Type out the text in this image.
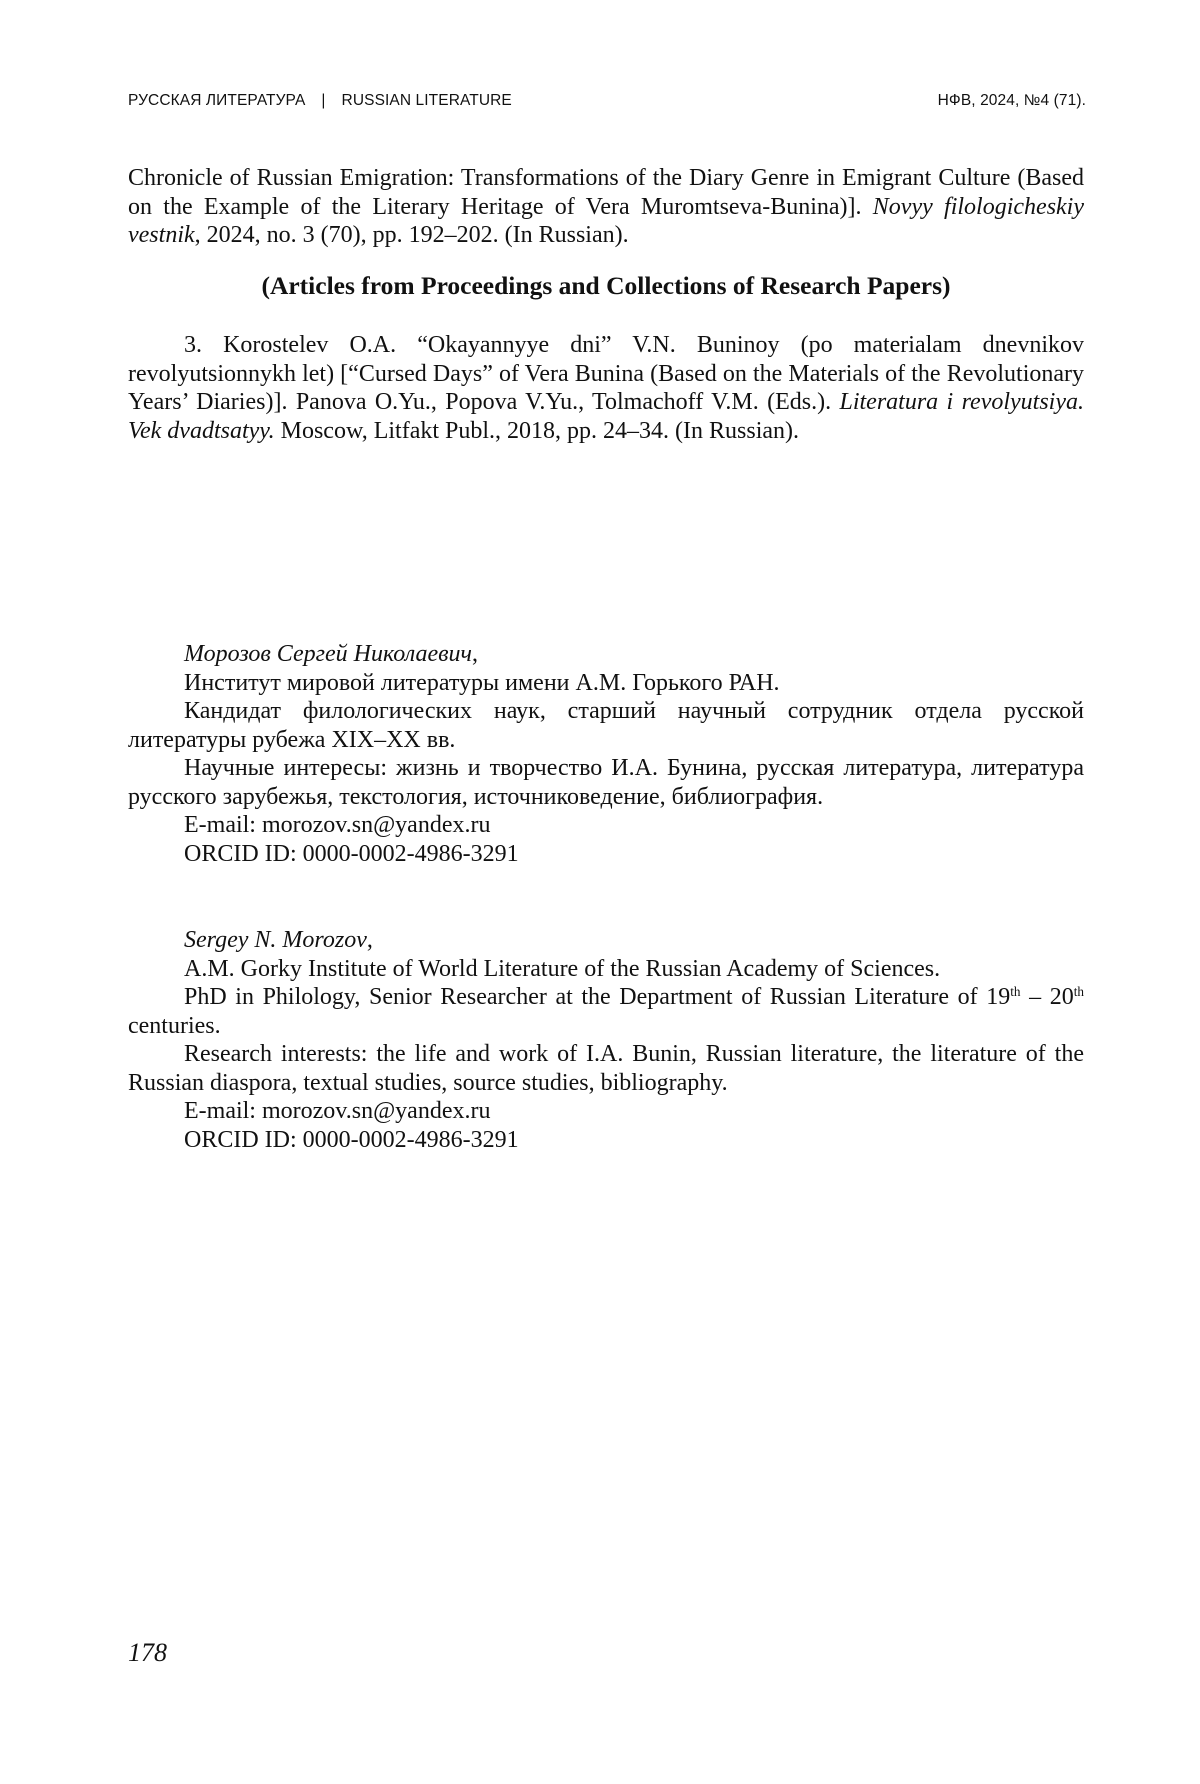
РУССКАЯ ЛИТЕРАТУРА | RUSSIAN LITERATURE	НФВ, 2024, №4 (71).

Chronicle of Russian Emigration: Transformations of the Diary Genre in Emigrant Culture (Based on the Example of the Literary Heritage of Vera Muromtseva-Bunina)]. Novyy filologicheskiy vestnik, 2024, no. 3 (70), pp. 192–202. (In Russian).

(Articles from Proceedings and Collections of Research Papers)

3. Korostelev O.A. “Okayannyye dni” V.N. Buninoy (po materialam dnevnikov revolyutsionnykh let) [“Cursed Days” of Vera Bunina (Based on the Materials of the Revolutionary Years’ Diaries)]. Panova O.Yu., Popova V.Yu., Tolmachoff V.M. (Eds.). Literatura i revolyutsiya. Vek dvadtsatyy. Moscow, Litfakt Publ., 2018, pp. 24–34. (In Russian).

Морозов Сергей Николаевич,

Институт мировой литературы имени А.М. Горького РАН.

Кандидат филологических наук, старший научный сотрудник отдела русской литературы рубежа XIX–XX вв.

Научные интересы: жизнь и творчество И.А. Бунина, русская литература, литература русского зарубежья, текстология, источниковедение, библиография.

E-mail: morozov.sn@yandex.ru

ORCID ID: 0000-0002-4986-3291

Sergey N. Morozov,

A.M. Gorky Institute of World Literature of the Russian Academy of Sciences.

PhD in Philology, Senior Researcher at the Department of Russian Literature of 19th – 20th centuries.

Research interests: the life and work of I.A. Bunin, Russian literature, the literature of the Russian diaspora, textual studies, source studies, bibliography.

E-mail: morozov.sn@yandex.ru

ORCID ID: 0000-0002-4986-3291

178
